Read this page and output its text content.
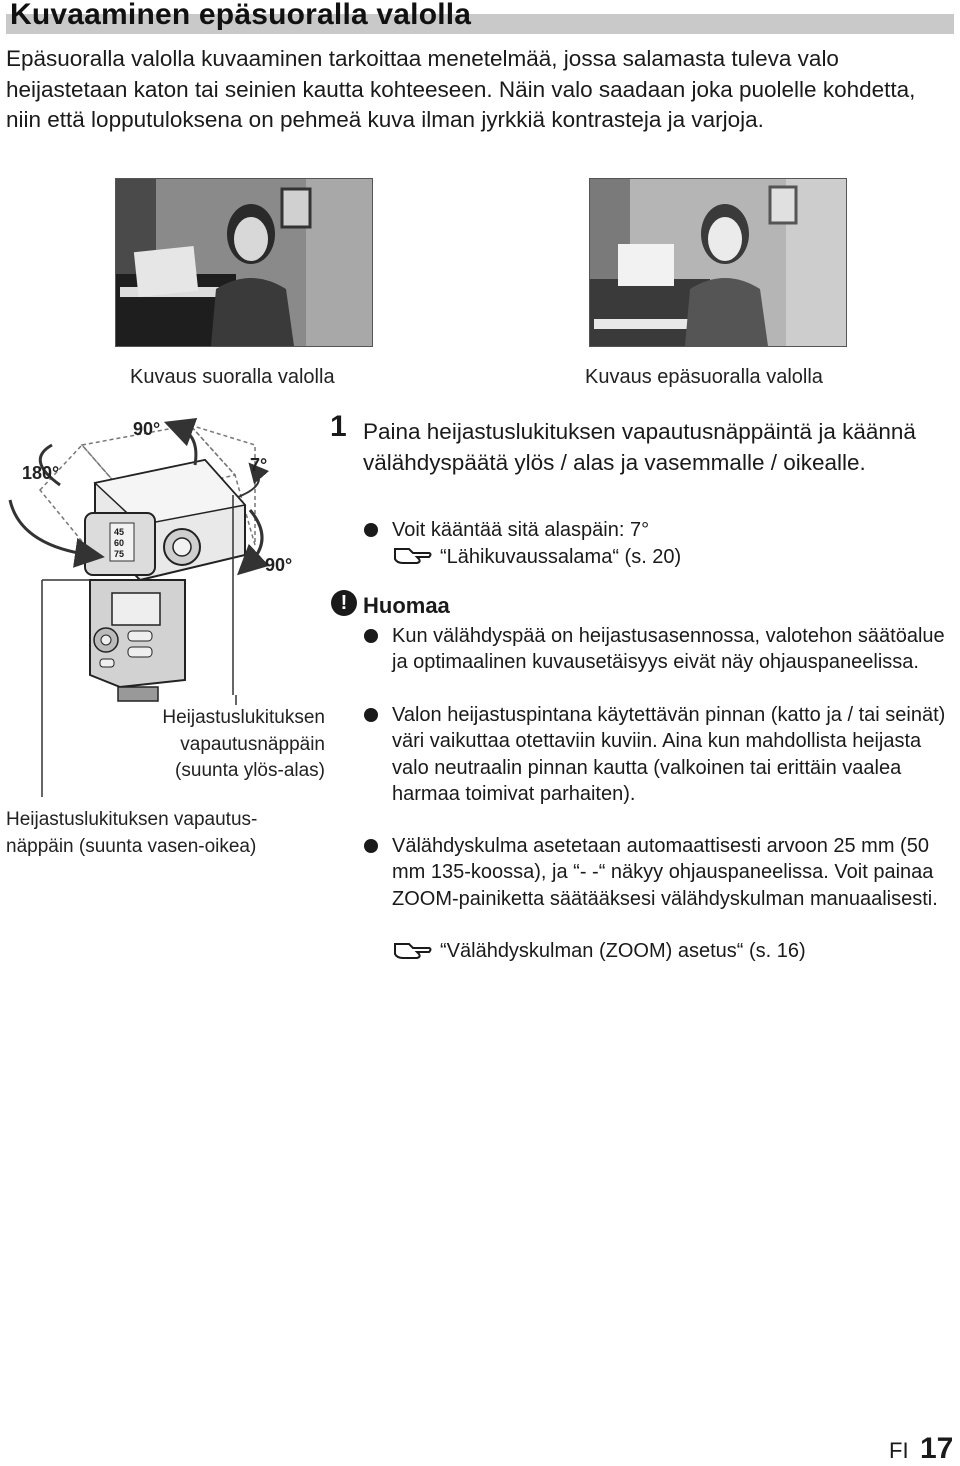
Kuvaaminen epäsuoralla valolla

Epäsuoralla valolla kuvaaminen tarkoittaa menetelmää, jossa salamasta tuleva valo heijastetaan katon tai seinien kautta kohteeseen. Näin valo saadaan joka puolelle kohdetta, niin että lopputuloksena on pehmeä kuva ilman jyrkkiä kontrasteja ja varjoja.

Kuvaus suoralla valolla	Kuvaus epäsuoralla valolla
180°
90°
7°
90°
45
60
75
Heijastuslukituksen
vapautusnäppäin
(suunta ylös-alas)
Heijastuslukituksen vapautus-
näppäin (suunta vasen-oikea)
1 Paina heijastuslukituksen vapautusnäppäintä ja käännä välähdyspäätä ylös / alas ja vasemmalle / oikealle.

Voit kääntää sitä alaspäin: 7°

“Lähikuvaussalama“ (s. 20)

! Huomaa

Kun välähdyspää on heijastusasennossa, valotehon säätöalue ja optimaalinen kuvausetäisyys eivät näy ohjauspaneelissa.

Valon heijastuspintana käytettävän pinnan (katto ja / tai seinät) väri vaikuttaa otettaviin kuviin. Aina kun mahdollista heijasta valo neutraalin pinnan kautta (valkoinen tai erittäin vaalea harmaa toimivat parhaiten).

Välähdyskulma asetetaan automaattisesti arvoon 25 mm (50 mm 135-koossa), ja “- -“ näkyy ohjauspaneelissa. Voit painaa ZOOM-painiketta säätääksesi välähdyskulman manuaalisesti.

“Välähdyskulman (ZOOM) asetus“ (s. 16)

FI 17
